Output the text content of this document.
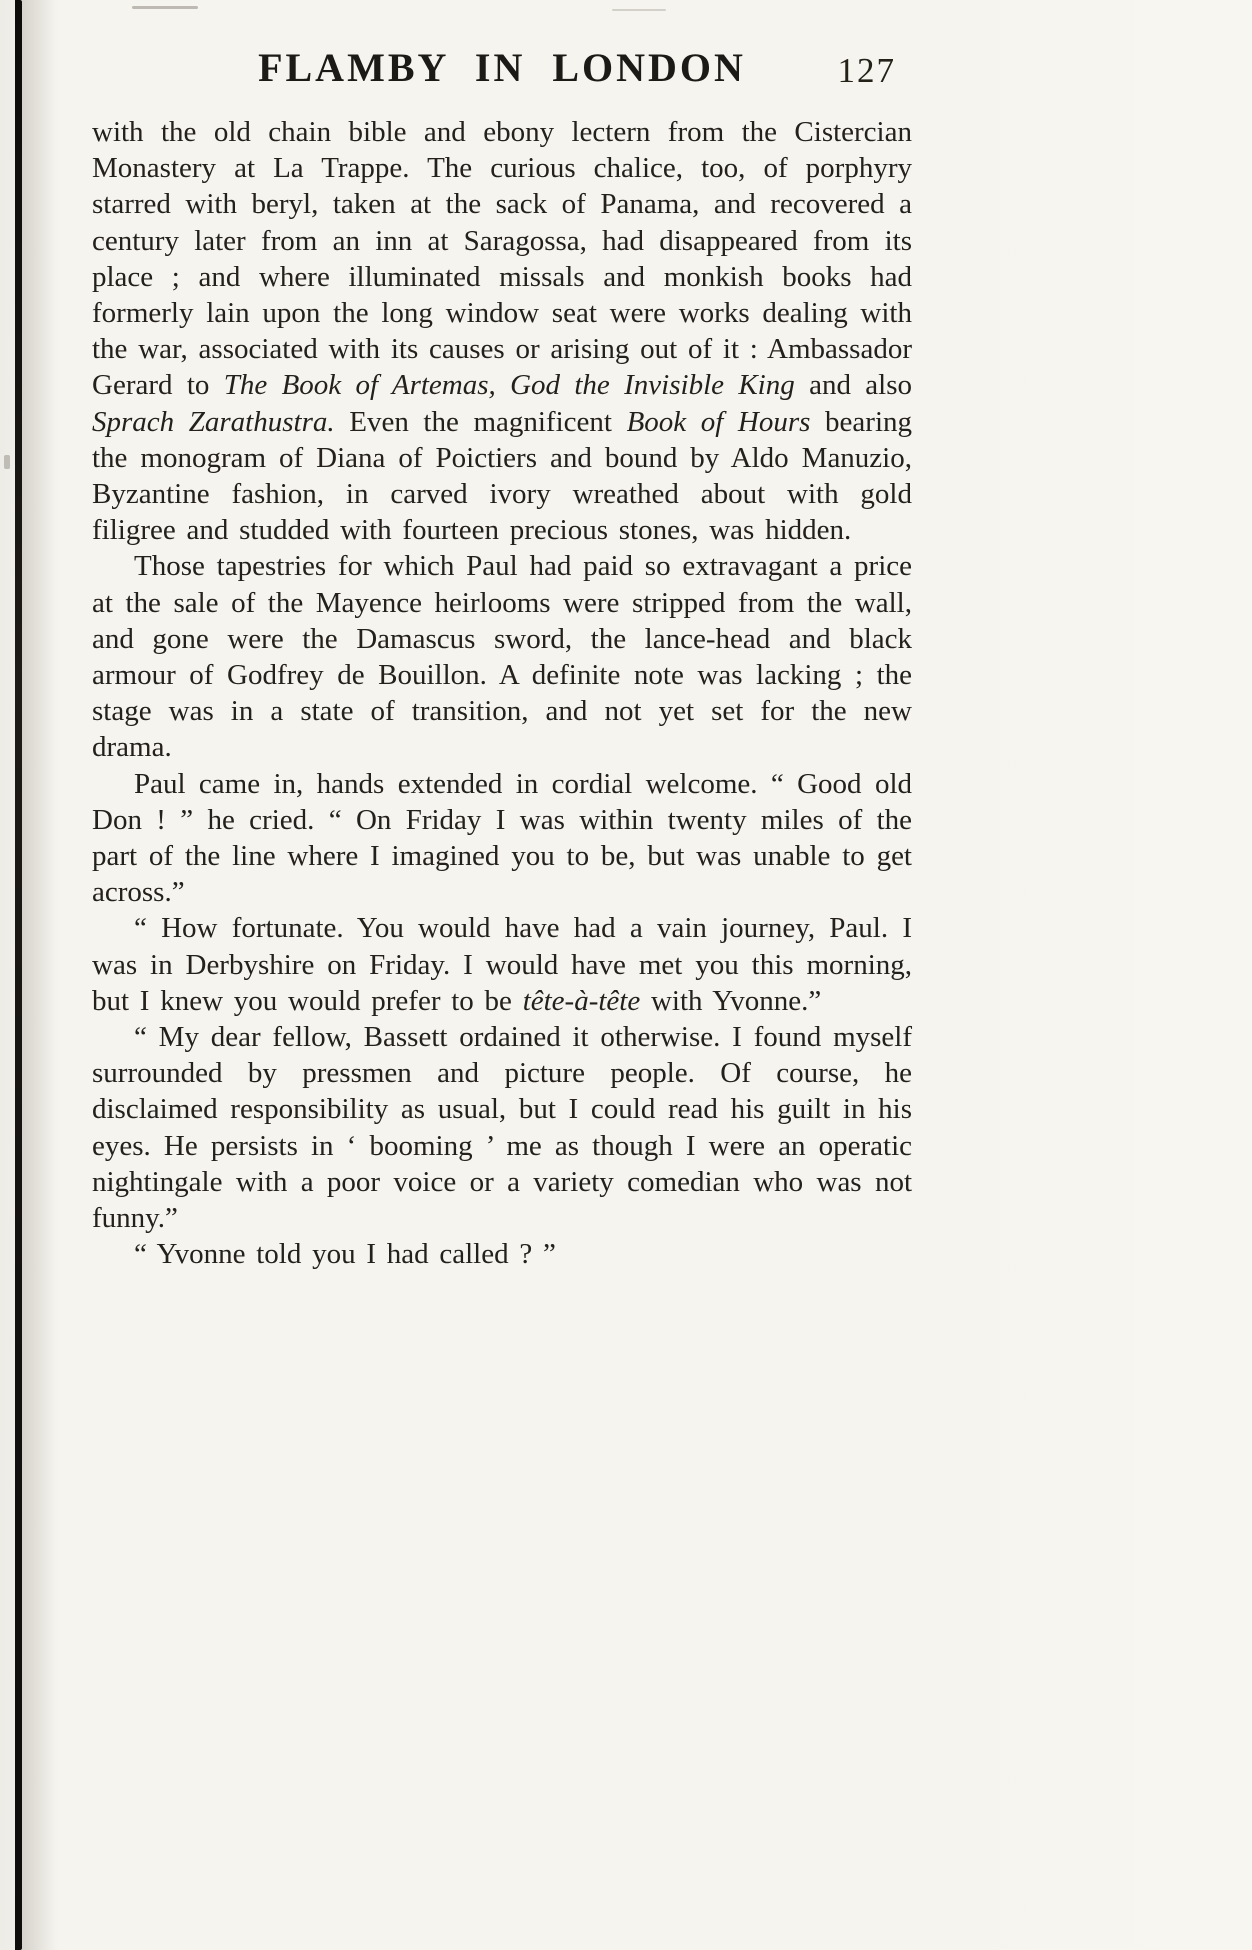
FLAMBY IN LONDON	127

with the old chain bible and ebony lectern from the Cistercian Monastery at La Trappe. The curious chalice, too, of porphyry starred with beryl, taken at the sack of Panama, and recovered a century later from an inn at Saragossa, had disappeared from its place ; and where illuminated missals and monkish books had formerly lain upon the long window seat were works dealing with the war, associated with its causes or arising out of it : Ambassador Gerard to The Book of Artemas, God the Invisible King and also Sprach Zarathustra. Even the magnificent Book of Hours bearing the monogram of Diana of Poictiers and bound by Aldo Manuzio, Byzantine fashion, in carved ivory wreathed about with gold filigree and studded with fourteen precious stones, was hidden.

Those tapestries for which Paul had paid so extravagant a price at the sale of the Mayence heirlooms were stripped from the wall, and gone were the Damascus sword, the lance-head and black armour of Godfrey de Bouillon. A definite note was lacking ; the stage was in a state of transition, and not yet set for the new drama.

Paul came in, hands extended in cordial welcome. “ Good old Don ! ” he cried. “ On Friday I was within twenty miles of the part of the line where I imagined you to be, but was unable to get across.”

“ How fortunate. You would have had a vain journey, Paul. I was in Derbyshire on Friday. I would have met you this morning, but I knew you would prefer to be tête-à-tête with Yvonne.”

“ My dear fellow, Bassett ordained it otherwise. I found myself surrounded by pressmen and picture people. Of course, he disclaimed responsibility as usual, but I could read his guilt in his eyes. He persists in ‘ booming ’ me as though I were an operatic nightingale with a poor voice or a variety comedian who was not funny.”

“ Yvonne told you I had called ? ”
